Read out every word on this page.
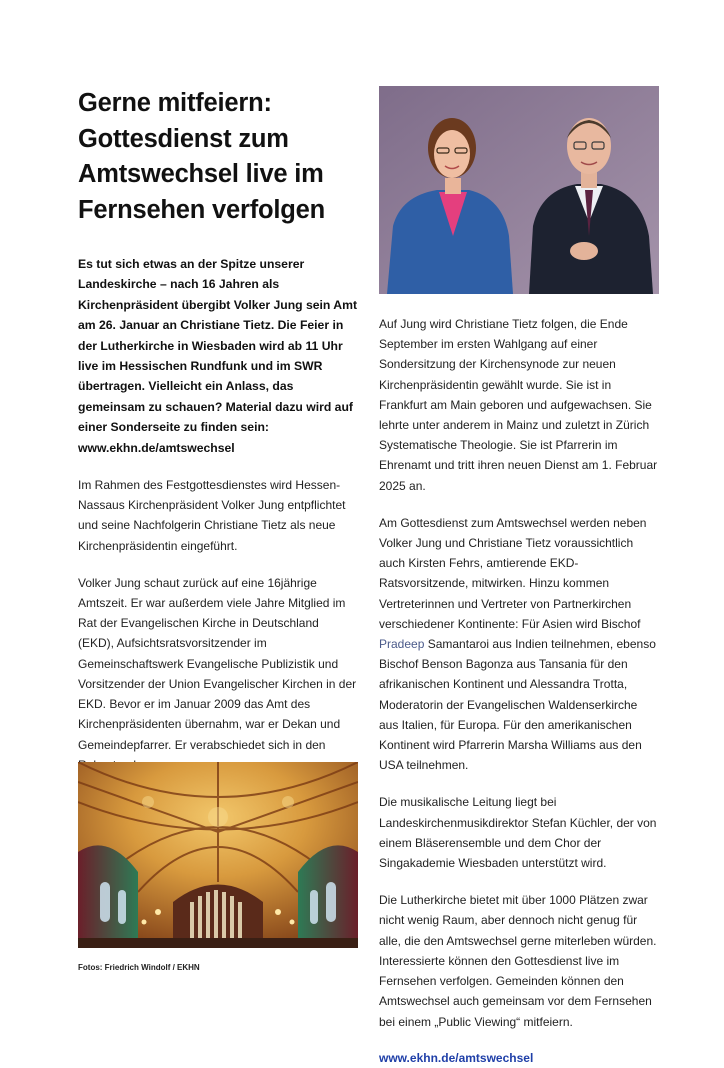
Gerne mitfeiern:
Gottesdienst zum
Amtswechsel live im
Fernsehen verfolgen

Es tut sich etwas an der Spitze unserer Landeskirche – nach 16 Jahren als Kirchenpräsident übergibt Volker Jung sein Amt am 26. Januar an Christiane Tietz. Die Feier in der Lutherkirche in Wiesbaden wird ab 11 Uhr live im Hessischen Rundfunk und im SWR übertragen. Vielleicht ein Anlass, das gemeinsam zu schauen? Material dazu wird auf einer Sonderseite zu finden sein: www.ekhn.de/amtswechsel

Im Rahmen des Festgottesdienstes wird Hessen-Nassaus Kirchenpräsident Volker Jung entpflichtet und seine Nachfolgerin Christiane Tietz als neue Kirchenpräsidentin eingeführt.

Volker Jung schaut zurück auf eine 16jährige Amtszeit. Er war außerdem viele Jahre Mitglied im Rat der Evangelischen Kirche in Deutschland (EKD), Aufsichtsratsvorsitzender im Gemeinschaftswerk Evangelische Publizistik und Vorsitzender der Union Evangelischer Kirchen in der EKD. Bevor er im Januar 2009 das Amt des Kirchenpräsidenten übernahm, war er Dekan und Gemeindepfarrer. Er verabschiedet sich in den

Fotos: Friedrich Windolf / EKHN

Auf Jung wird Christiane Tietz folgen, die Ende September im ersten Wahlgang auf einer Sondersitzung der Kirchensynode zur neuen Kirchenpräsidentin gewählt wurde. Sie ist in Frankfurt am Main geboren und aufgewachsen. Sie lehrte unter anderem in Mainz und zuletzt in Zürich Systematische Theologie. Sie ist Pfarrerin im Ehrenamt und tritt ihren neuen Dienst am 1. Februar 2025 an.

Am Gottesdienst zum Amtswechsel werden neben Volker Jung und Christiane Tietz voraussichtlich auch Kirsten Fehrs, amtierende EKD-Ratsvorsitzende, mitwirken. Hinzu kommen Vertreterinnen und Vertreter von Partnerkirchen verschiedener Kontinente: Für Asien wird Bischof Pradeep Samantaroi aus Indien teilnehmen, ebenso Bischof Benson Bagonza aus Tansania für den afrikanischen Kontinent und Alessandra Trotta, Moderatorin der Evangelischen Waldenserkirche aus Italien, für Europa. Für den amerikanischen Kontinent wird Pfarrerin Marsha Williams aus den USA teilnehmen.

Die musikalische Leitung liegt bei Landeskirchenmusikdirektor Stefan Küchler, der von einem Bläserensemble und dem Chor der Singakademie Wiesbaden unterstützt wird.

Die Lutherkirche bietet mit über 1000 Plätzen zwar nicht wenig Raum, aber dennoch nicht genug für alle, die den Amtswechsel gerne miterleben würden. Interessierte können den Gottesdienst live im Fernsehen verfolgen. Gemeinden können den Amtswechsel auch gemeinsam vor dem Fernsehen bei einem „Public Viewing“ mitfeiern.

www.ekhn.de/amtswechsel
